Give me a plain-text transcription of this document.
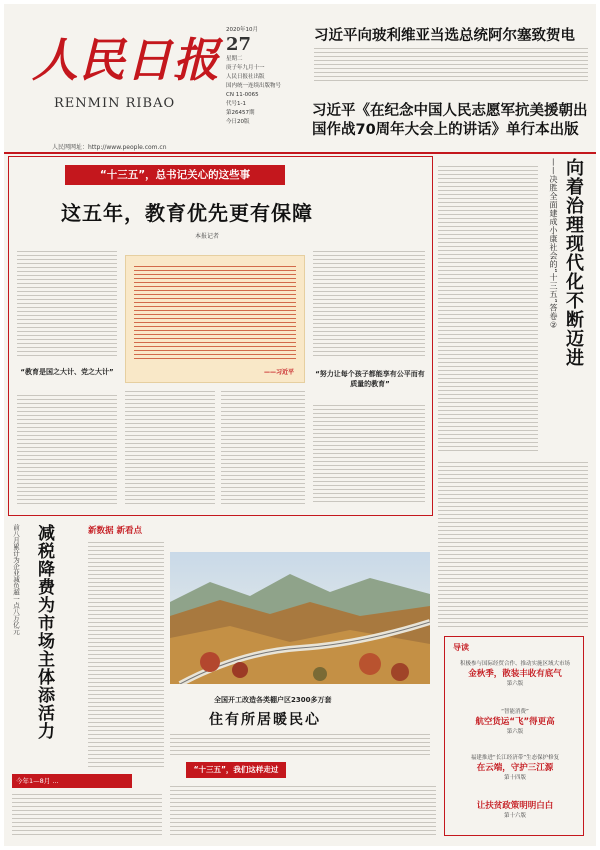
人民日报
RENMIN RIBAO
人民网网址：http://www.people.com.cn
2020年10月
27
星期二
庚子年九月十一
人民日报社出版
国内统一连续出版物号
CN 11-0065
代号1-1
第26457期
今日20版
习近平向玻利维亚当选总统阿尔塞致贺电
习近平《在纪念中国人民志愿军抗美援朝出国作战70周年大会上的讲话》单行本出版
“十三五”，总书记关心的这些事
这五年，教育优先更有保障
本报记者
“教育是国之大计、党之大计”	——习近平	“努力让每个孩子都能享有公平而有质量的教育”
向着治理现代化不断迈进
——决胜全面建成小康社会的“十三五”答卷②
前八月累计为企业减负超一点八万亿元 减税降费为市场主体添活力	新数据 新看点
今年1—8月 ...
全国开工改造各类棚户区2300多万套
住有所居暖民心
“十三五”，我们这样走过
导读
积极参与国际经贸合作、推动实施区域大市场
金秋季，散装丰收有底气
第六版
“智能消费”
航空货运“飞”得更高
第六版
福建推进“长江经济带”生态保护修复
在云端，守护三江源
第十四版
让扶贫政策明明白白
第十六版
